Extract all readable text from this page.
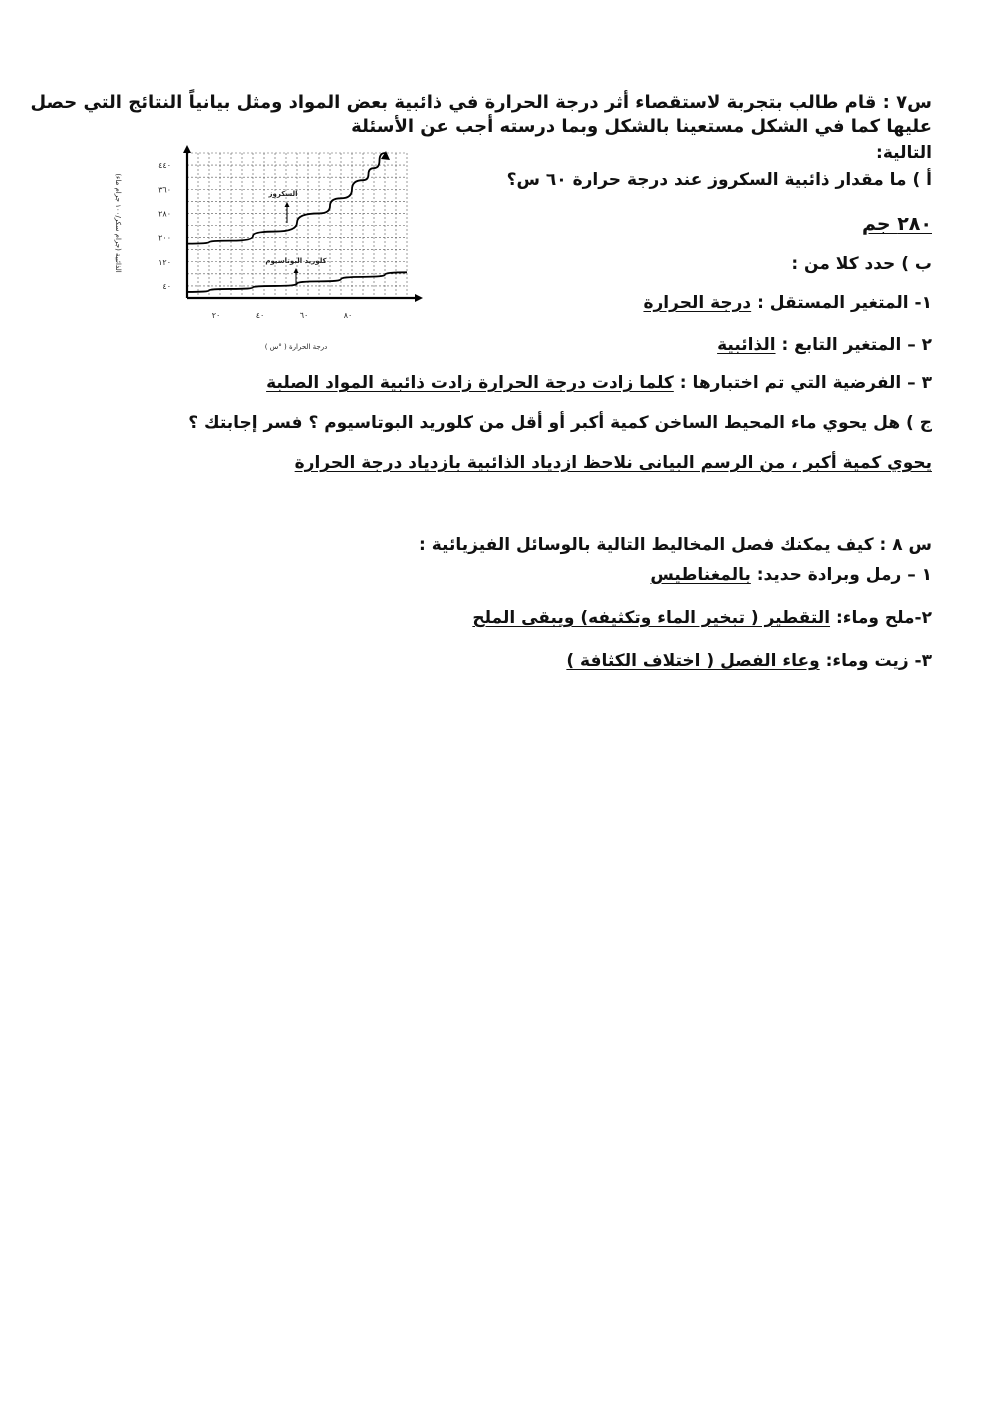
السكروز
كلوريد البوتاسيوم
٤٠
١٢٠
٢٠٠
٢٨٠
٣٦٠
٤٤٠
٢٠	٤٠	٦٠	٨٠
الذائبية (جرام سكر/١٠٠ جرام ماء)
درجة الحرارة ( °س )
س٧ : قام طالب بتجربة لاستقصاء أثر درجة الحرارة في ذائبية بعض المواد ومثل بيانياً النتائج التي حصل
عليها كما في الشكل مستعينا بالشكل وبما درسته أجب عن الأسئلة
التالية:
أ ) ما مقدار ذائبية السكروز عند درجة حرارة ٦٠ س؟
٢٨٠ جم
ب ) حدد كلا من :
١- المتغير المستقل : درجة الحرارة
٢ – المتغير التابع : الذائبية
٣ – الفرضية التي تم اختبارها : كلما زادت درجة الحرارة زادت ذائبية المواد الصلبة
ج ) هل يحوي ماء المحيط الساخن كمية أكبر أو أقل من كلوريد البوتاسيوم ؟ فسر إجابتك ؟
يحوي كمية أكبر ، من الرسم البيانى نلاحظ ازدياد الذائبية بازدياد درجة الحرارة
س ٨ : كيف يمكنك فصل المخاليط التالية بالوسائل الفيزيائية :
١ – رمل وبرادة حديد: بالمغناطيس
٢-ملح وماء: التقطير ( تبخير الماء وتكثيفه) ويبقى الملح
٣- زيت وماء: وعاء الفصل ( اختلاف الكثافة )
